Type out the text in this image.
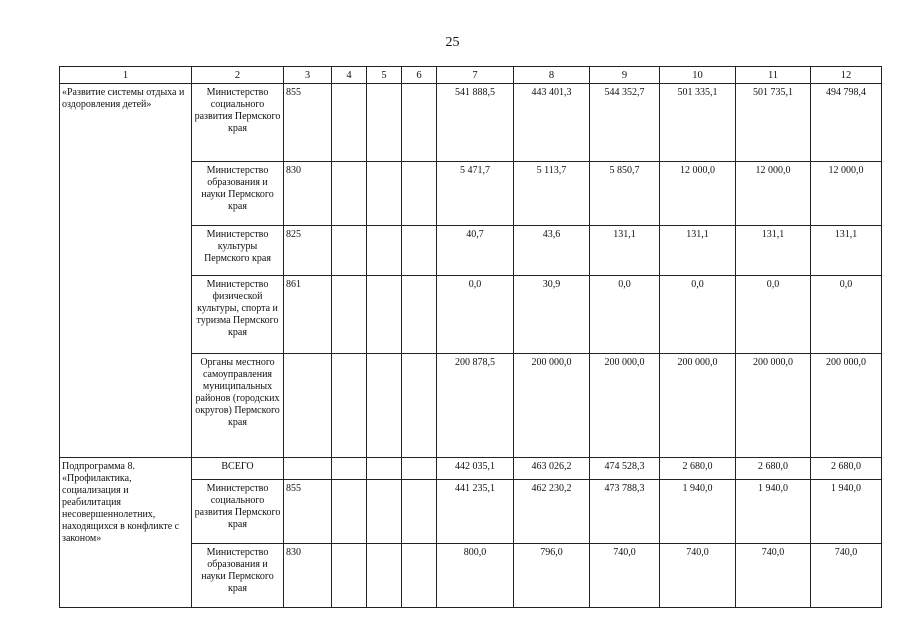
25
1	2	3	4	5	6	7	8	9	10	11	12
«Развитие системы отдыха и оздоровления детей»	Министерство социального развития Пермского края	855				541 888,5	443 401,3	544 352,7	501 335,1	501 735,1	494 798,4
	Министерство образования и науки Пермского края	830				5 471,7	5 113,7	5 850,7	12 000,0	12 000,0	12 000,0
	Министерство культуры Пермского края	825				40,7	43,6	131,1	131,1	131,1	131,1
	Министерство физической культуры, спорта и туризма Пермского края	861				0,0	30,9	0,0	0,0	0,0	0,0
	Органы местного самоуправления муниципальных районов (городских округов) Пермского края					200 878,5	200 000,0	200 000,0	200 000,0	200 000,0	200 000,0
Подпрограмма 8. «Профилактика, социализация и реабилитация несовершеннолетних, находящихся в конфликте с законом»	ВСЕГО					442 035,1	463 026,2	474 528,3	2 680,0	2 680,0	2 680,0
	Министерство социального развития Пермского края	855				441 235,1	462 230,2	473 788,3	1 940,0	1 940,0	1 940,0
	Министерство образования и науки Пермского края	830				800,0	796,0	740,0	740,0	740,0	740,0
